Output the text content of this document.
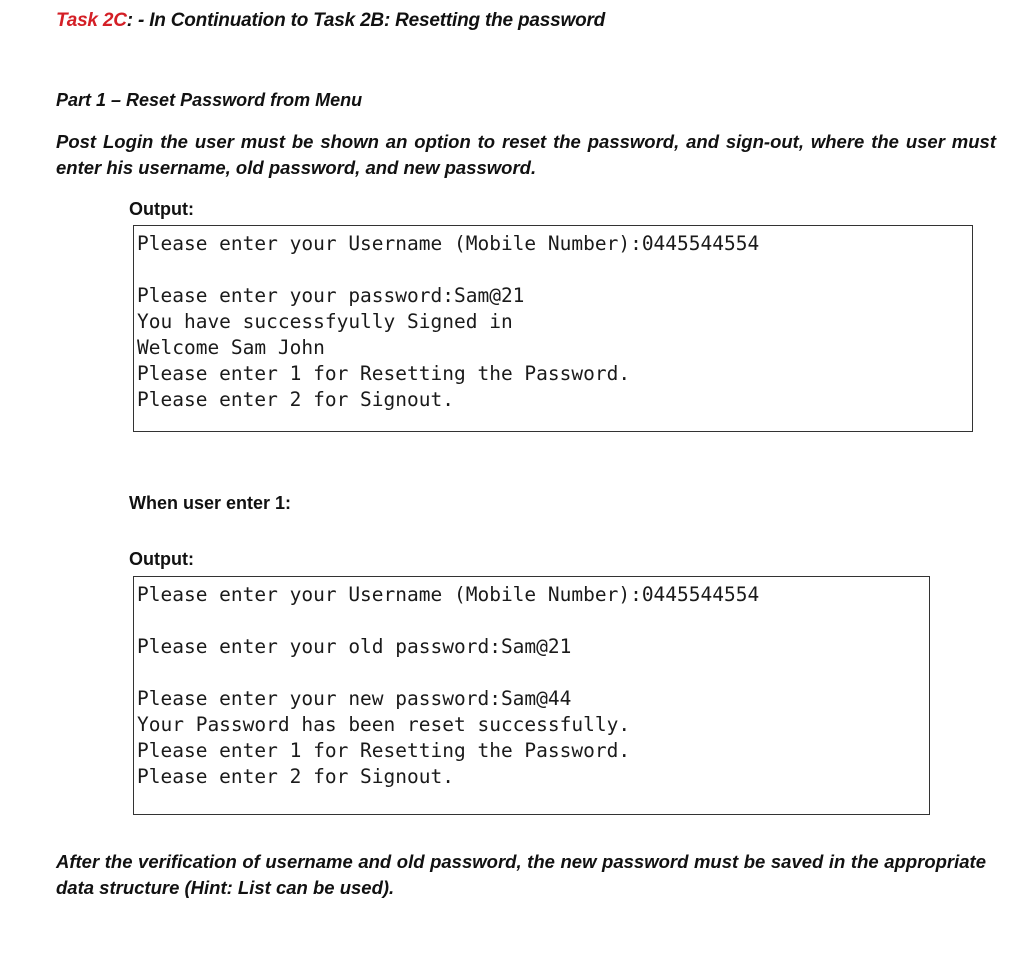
Task 2C: - In Continuation to Task 2B: Resetting the password
Part 1 – Reset Password from Menu
Post Login the user must be shown an option to reset the password, and sign-out, where the user must enter his username, old password, and new password.
Output:
Please enter your Username (Mobile Number):0445544554
Please enter your password:Sam@21
You have successfyully Signed in
Welcome Sam John
Please enter 1 for Resetting the Password.
Please enter 2 for Signout.
When user enter 1:
Output:
Please enter your Username (Mobile Number):0445544554
Please enter your old password:Sam@21
Please enter your new password:Sam@44
Your Password has been reset successfully.
Please enter 1 for Resetting the Password.
Please enter 2 for Signout.
After the verification of username and old password, the new password must be saved in the appropriate data structure (Hint: List can be used).
